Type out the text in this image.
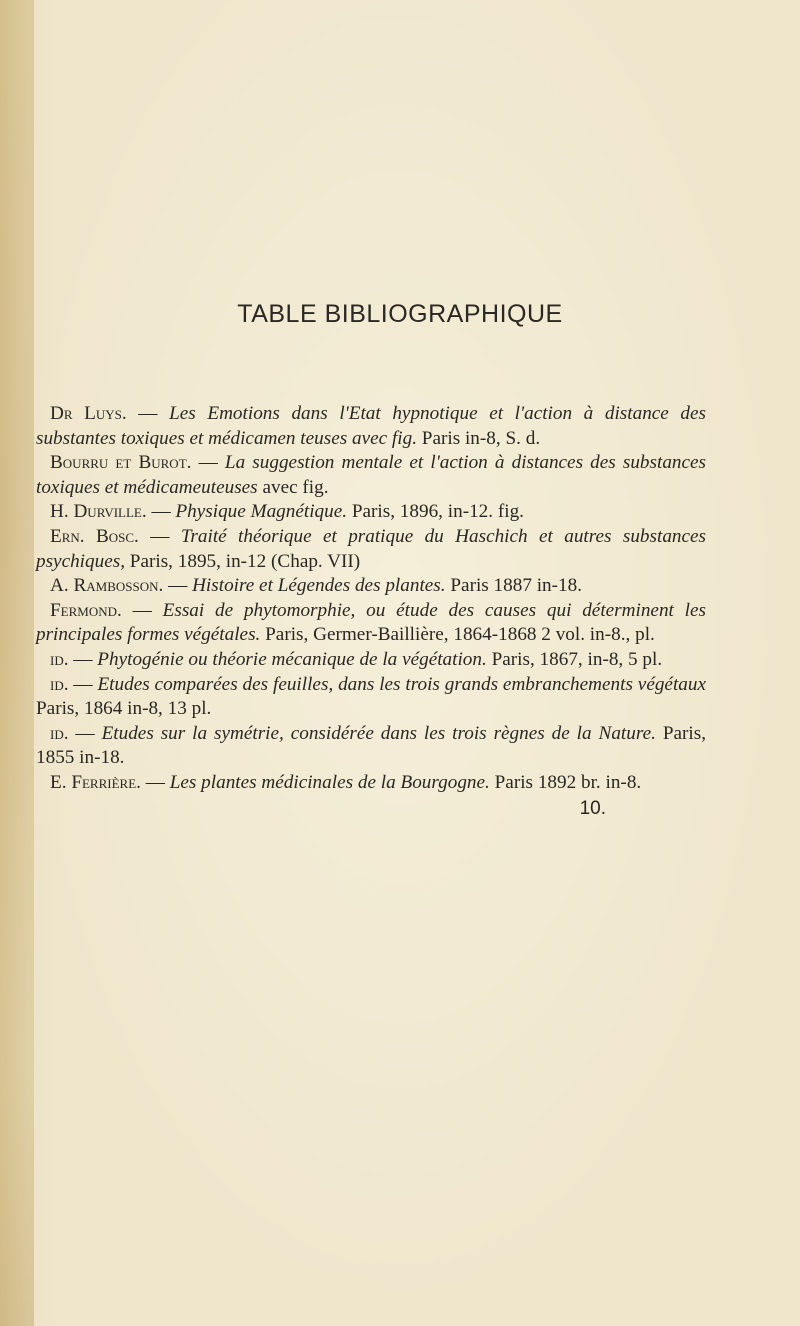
TABLE BIBLIOGRAPHIQUE

Dr Luys. — Les Emotions dans l'Etat hypnotique et l'action à distance des substantes toxiques et médicamen teuses avec fig. Paris in-8, S. d.

Bourru et Burot. — La suggestion mentale et l'action à distances des substances toxiques et médicameuteuses avec fig.

H. Durville. — Physique Magnétique. Paris, 1896, in-12. fig.

Ern. Bosc. — Traité théorique et pratique du Haschich et autres substances psychiques, Paris, 1895, in-12 (Chap. VII)

A. Rambosson. — Histoire et Légendes des plantes. Paris 1887 in-18.

Fermond. — Essai de phytomorphie, ou étude des causes qui déterminent les principales formes végétales. Paris, Germer-Baillière, 1864-1868 2 vol. in-8., pl.

id. — Phytogénie ou théorie mécanique de la végétation. Paris, 1867, in-8, 5 pl.

id. — Etudes comparées des feuilles, dans les trois grands embranchements végétaux Paris, 1864 in-8, 13 pl.

id. — Etudes sur la symétrie, considérée dans les trois règnes de la Nature. Paris, 1855 in-18.

E. Ferrière. — Les plantes médicinales de la Bourgogne. Paris 1892 br. in-8.

10.
